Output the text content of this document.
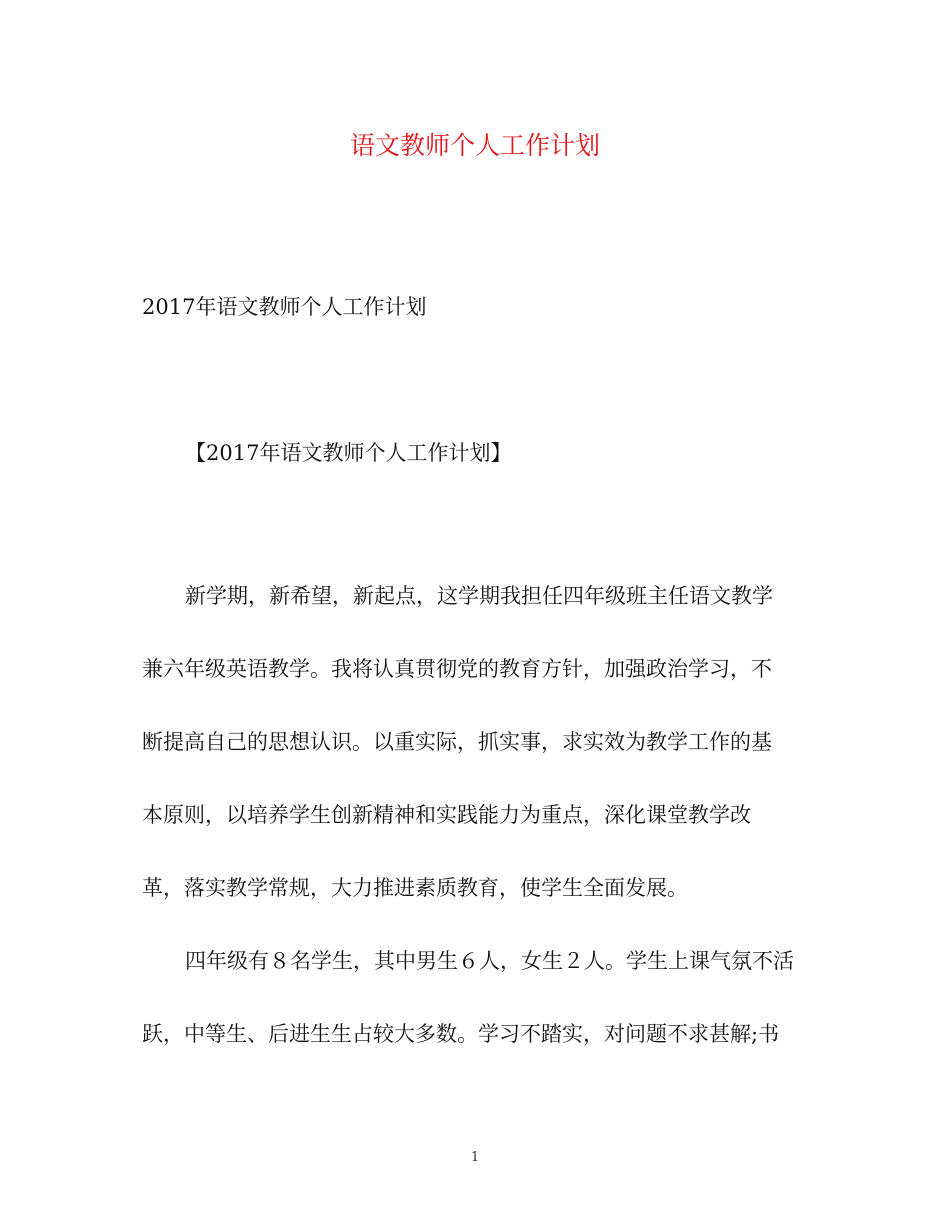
语文教师个人工作计划

2017年语文教师个人工作计划

【2017年语文教师个人工作计划】

新学期，新希望，新起点，这学期我担任四年级班主任语文教学

兼六年级英语教学。我将认真贯彻党的教育方针，加强政治学习，不

断提高自己的思想认识。以重实际，抓实事，求实效为教学工作的基

本原则，以培养学生创新精神和实践能力为重点，深化课堂教学改

革，落实教学常规，大力推进素质教育，使学生全面发展。

四年级有８名学生，其中男生６人，女生２人。学生上课气氛不活

跃，中等生、后进生生占较大多数。学习不踏实，对问题不求甚解;书

1
